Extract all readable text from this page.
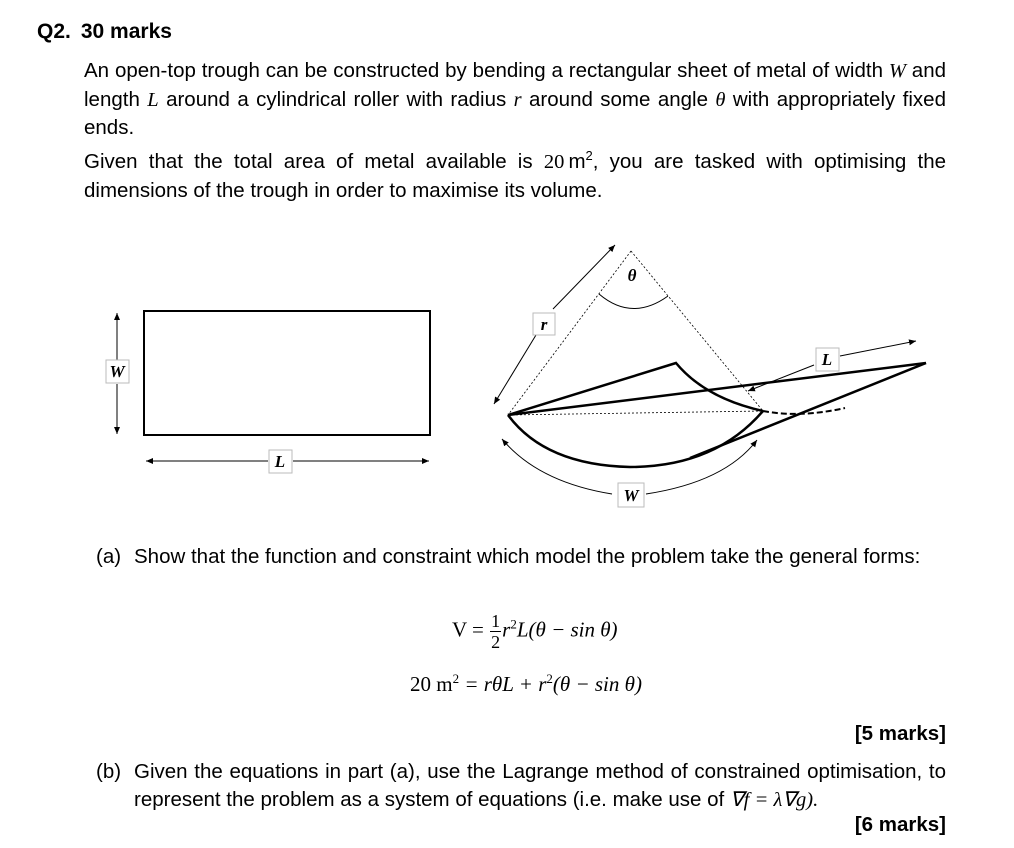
Q2. 30 marks
An open-top trough can be constructed by bending a rectangular sheet of metal of width W and length L around a cylindrical roller with radius r around some angle θ with appropriately fixed ends.
Given that the total area of metal available is 20  $m^2$, you are tasked with optimising the dimensions of the trough in order to maximise its volume.
W
L
θ
r
L
W
(a) Show that the function and constraint which model the problem take the general forms:
$V = \frac{1}{2} r^2L(\theta - \sin \theta)$
20 $m^2 = r\theta L + r^2(\theta - \sin \theta)$
[5 marks]
(b) Given the equations in part (a), use the Lagrange method of constrained optimisation, to represent the problem as a system of equations (i.e. make use of ∇f = λ∇g).
[6 marks]
